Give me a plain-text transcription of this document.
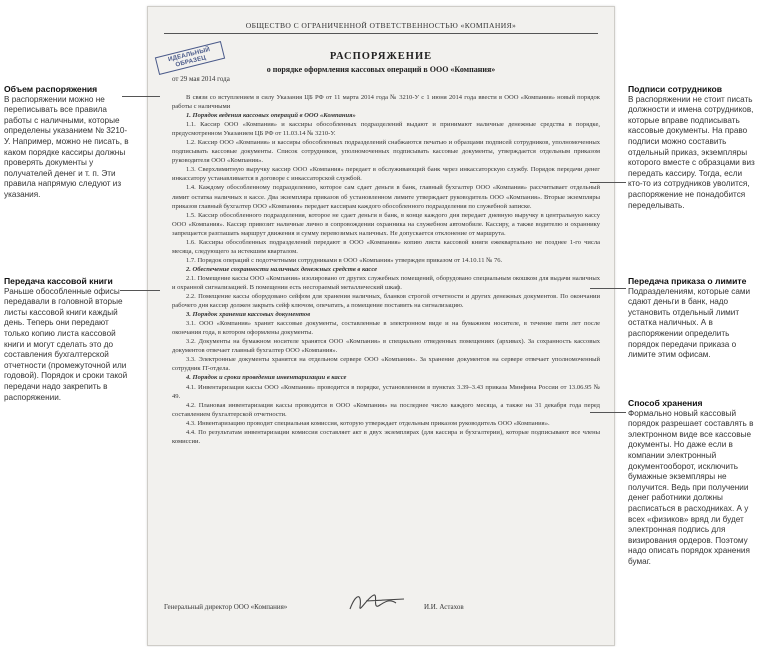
ОБЩЕСТВО С ОГРАНИЧЕННОЙ ОТВЕТСТВЕННОСТЬЮ «КОМПАНИЯ»
ИДЕАЛЬНЫЙ ОБРАЗЕЦ	РАСПОРЯЖЕНИЕ
о порядке оформления кассовых операций в ООО «Компания»
от 29 мая 2014 года

В связи со вступлением в силу Указания ЦБ РФ от 11 марта 2014 года № 3210-У с 1 июня 2014 года ввести в ООО «Компания» новый порядок работы с наличными

1. Порядок ведения кассовых операций в ООО «Компания»

1.1. Кассир ООО «Компания» и кассиры обособленных подразделений выдают и принимают наличные денежные средства в порядке, предусмотренном Указанием ЦБ РФ от 11.03.14 № 3210-У.

1.2. Кассир ООО «Компания» и кассиры обособленных подразделений снабжаются печатью и образцами подписей сотрудников, уполномоченных подписывать кассовые документы. Список сотрудников, уполномоченных подписывать кассовые документы, утверждается отдельным приказом руководителя ООО «Компания».

1.3. Сверхлимитную выручку кассир ООО «Компания» передает в обслуживающий банк через инкассаторскую службу. Порядок передачи денег инкассатору устанавливается в договоре с инкассаторской службой.

1.4. Каждому обособленному подразделению, которое сам сдает деньги в банк, главный бухгалтер ООО «Компания» рассчитывает отдельный лимит остатка наличных в кассе. Два экземпляра приказов об установленном лимите утверждает руководитель ООО «Компания». Вторые экземпляры приказов главный бухгалтер ООО «Компания» передает кассирам каждого обособленного подразделения по служебной записке.

1.5. Кассир обособленного подразделения, которое не сдает деньги в банк, в конце каждого дня передает дневную выручку в центральную кассу ООО «Компания». Кассир привозит наличные лично в сопровождении охранника на служебном автомобиле. Кассиру, а также водителю и охраннику запрещается разглашать маршрут движения и сумму перевозимых наличных. Не допускается отклонение от маршрута.

1.6. Кассиры обособленных подразделений передают в ООО «Компания» копию листа кассовой книги ежеквартально не позднее 1-го числа месяца, следующего за истекшим кварталом.

1.7. Порядок операций с подотчетными сотрудниками в ООО «Компания» утвержден приказом от 14.10.11 № 76.

2. Обеспечение сохранности наличных денежных средств в кассе

2.1. Помещение кассы ООО «Компания» изолировано от других служебных помещений, оборудовано специальным окошком для выдачи наличных и охранной сигнализацией. В помещении есть несгораемый металлический шкаф.

2.2. Помещение кассы оборудовано сейфом для хранения наличных, бланков строгой отчетности и других денежных документов. По окончании рабочего дня кассир должен закрыть сейф ключом, опечатать, а помещение поставить на сигнализацию.

3. Порядок хранения кассовых документов

3.1. ООО «Компания» хранит кассовые документы, составленные в электронном виде и на бумажном носителе, в течение пяти лет после окончания года, в котором оформлены документы.

3.2. Документы на бумажном носителе хранятся ООО «Компания» в специально отведенных помещениях (архивах). За сохранность кассовых документов отвечает главный бухгалтер ООО «Компания».

3.3. Электронные документы хранятся на отдельном сервере ООО «Компания». За хранение документов на сервере отвечает уполномоченный сотрудник IT-отдела.

4. Порядок и сроки проведения инвентаризации в кассе

4.1. Инвентаризация кассы ООО «Компания» проводится в порядке, установленном в пунктах 3.39–3.43 приказа Минфина России от 13.06.95 № 49.

4.2. Плановая инвентаризация кассы проводится в ООО «Компания» на последнее число каждого месяца, а также на 31 декабря года перед составлением бухгалтерской отчетности.

4.3. Инвентаризацию проводит специальная комиссия, которую утверждает отдельным приказом руководитель ООО «Компания».

4.4. По результатам инвентаризации комиссия составляет акт в двух экземплярах (для кассира и бухгалтерии), которые подписывают все члены комиссии.

Генеральный директор ООО «Компания»	И.И. Астахов
Объем распоряжения
В распоряжении можно не переписывать все правила работы с наличными, которые определены указанием № 3210-У. Например, можно не писать, в каком порядке кассиры должны проверять документы у получателей денег и т. п. Эти правила напрямую следуют из указания.
Передача кассовой книги
Раньше обособленные офисы передавали в головной вторые листы кассовой книги каждый день. Теперь они передают только копию листа кассовой книги и могут сделать это до составления бухгалтерской отчетности (промежуточной или годовой). Порядок и сроки такой передачи надо закрепить в распоряжении.
Подписи сотрудников
В распоряжении не стоит писать должности и имена сотрудников, которые вправе подписывать кассовые документы. На право подписи можно составить отдельный приказ, экземпляры которого вместе с образцами виз передать кассиру. Тогда, если кто-то из сотрудников уволится, распоряжение не понадобится переделывать.
Передача приказа о лимите
Подразделениям, которые сами сдают деньги в банк, надо установить отдельный лимит остатка наличных. А в распоряжении определить порядок передачи приказа о лимите этим офисам.
Способ хранения
Формально новый кассовый порядок разрешает составлять в электронном виде все кассовые документы. Но даже если в компании электронный документооборот, исключить бумажные экземпляры не получится. Ведь при получении денег работники должны расписаться в расходниках. А у всех «физиков» вряд ли будет электронная подпись для визирования ордеров. Поэтому надо описать порядок хранения бумаг.
